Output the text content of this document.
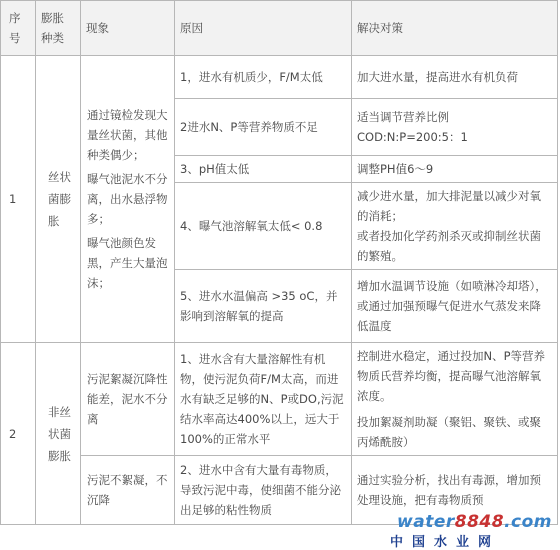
序号	膨胀种类	现象	原因	解决对策
1	丝状菌膨胀	通过镜检发现大量丝状菌，其他种类偶少；

曝气池泥水不分离，出水悬浮物多；

曝气池颜色发黑，产生大量泡沫；	1，进水有机质少，F/M太低	加大进水量，提高进水有机负荷

			2进水N、P等营养物质不足	适当调节营养比例

COD:N:P=200:5：1

			3、pH值太低	调整PH值6～9

			4、曝气池溶解氧太低< 0.8	减少进水量，加大排泥量以减少对氧的消耗；

或者投加化学药剂杀灭或抑制丝状菌的繁殖。

			5、进水水温偏高 >35 oC，并影响到溶解氧的提高	增加水温调节设施（如喷淋冷却塔），或通过加强预曝气促进水气蒸发来降低温度

2	非丝状菌膨胀	污泥絮凝沉降性能差，泥水不分离	1、进水含有大量溶解性有机物，使污泥负荷F/M太高，而进水有缺乏足够的N、P或DO,污泥结水率高达400%以上，远大于100%的正常水平	控制进水稳定，通过投加N、P等营养物质氏营养均衡，提高曝气池溶解氧浓度。

投加絮凝剂助凝（聚铝、聚铁、或聚丙烯酰胺）

		污泥不絮凝，不沉降	2、进水中含有大量有毒物质，导致污泥中毒，使细菌不能分泌出足够的粘性物质	通过实验分析，找出有毒源，增加预处理设施，把有毒物质预

water8848.com
中国水业网
